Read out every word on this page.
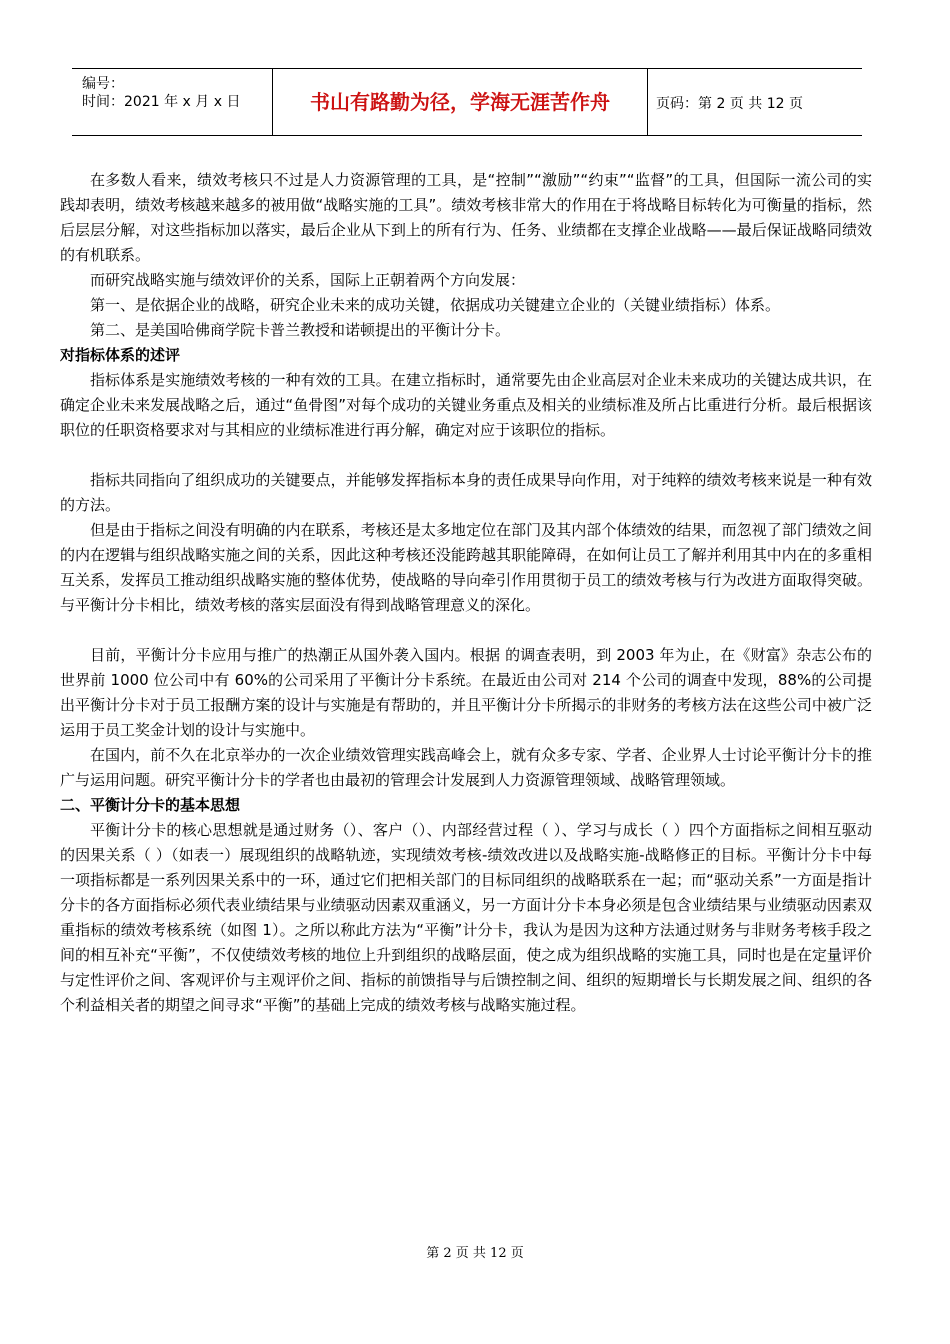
编号：
时间：2021 年 x 月 x 日	书山有路勤为径，学海无涯苦作舟	页码：第 2 页 共 12 页

在多数人看来，绩效考核只不过是人力资源管理的工具，是“控制”“激励”“约束”“监督”的工具，但国际一流公司的实践却表明，绩效考核越来越多的被用做“战略实施的工具”。绩效考核非常大的作用在于将战略目标转化为可衡量的指标，然后层层分解，对这些指标加以落实，最后企业从下到上的所有行为、任务、业绩都在支撑企业战略——最后保证战略同绩效的有机联系。

而研究战略实施与绩效评价的关系，国际上正朝着两个方向发展：

第一、是依据企业的战略，研究企业未来的成功关键，依据成功关键建立企业的（关键业绩指标）体系。

第二、是美国哈佛商学院卡普兰教授和诺顿提出的平衡计分卡。

对指标体系的述评

指标体系是实施绩效考核的一种有效的工具。在建立指标时，通常要先由企业高层对企业未来成功的关键达成共识，在确定企业未来发展战略之后，通过“鱼骨图”对每个成功的关键业务重点及相关的业绩标准及所占比重进行分析。最后根据该职位的任职资格要求对与其相应的业绩标准进行再分解，确定对应于该职位的指标。

指标共同指向了组织成功的关键要点，并能够发挥指标本身的责任成果导向作用，对于纯粹的绩效考核来说是一种有效的方法。

但是由于指标之间没有明确的内在联系，考核还是太多地定位在部门及其内部个体绩效的结果，而忽视了部门绩效之间的内在逻辑与组织战略实施之间的关系，因此这种考核还没能跨越其职能障碍，在如何让员工了解并利用其中内在的多重相互关系，发挥员工推动组织战略实施的整体优势，使战略的导向牵引作用贯彻于员工的绩效考核与行为改进方面取得突破。与平衡计分卡相比，绩效考核的落实层面没有得到战略管理意义的深化。

目前，平衡计分卡应用与推广的热潮正从国外袭入国内。根据 的调查表明，到 2003 年为止，在《财富》杂志公布的世界前 1000 位公司中有 60%的公司采用了平衡计分卡系统。在最近由公司对 214 个公司的调查中发现，88%的公司提出平衡计分卡对于员工报酬方案的设计与实施是有帮助的，并且平衡计分卡所揭示的非财务的考核方法在这些公司中被广泛运用于员工奖金计划的设计与实施中。

在国内，前不久在北京举办的一次企业绩效管理实践高峰会上，就有众多专家、学者、企业界人士讨论平衡计分卡的推广与运用问题。研究平衡计分卡的学者也由最初的管理会计发展到人力资源管理领域、战略管理领域。

二、平衡计分卡的基本思想

平衡计分卡的核心思想就是通过财务（）、客户（）、内部经营过程（ ）、学习与成长（ ）四个方面指标之间相互驱动的因果关系（ ）（如表一）展现组织的战略轨迹，实现绩效考核-绩效改进以及战略实施-战略修正的目标。平衡计分卡中每一项指标都是一系列因果关系中的一环，通过它们把相关部门的目标同组织的战略联系在一起；而“驱动关系”一方面是指计分卡的各方面指标必须代表业绩结果与业绩驱动因素双重涵义，另一方面计分卡本身必须是包含业绩结果与业绩驱动因素双重指标的绩效考核系统（如图 1）。之所以称此方法为“平衡”计分卡，我认为是因为这种方法通过财务与非财务考核手段之间的相互补充“平衡”，不仅使绩效考核的地位上升到组织的战略层面，使之成为组织战略的实施工具，同时也是在定量评价与定性评价之间、客观评价与主观评价之间、指标的前馈指导与后馈控制之间、组织的短期增长与长期发展之间、组织的各个利益相关者的期望之间寻求“平衡”的基础上完成的绩效考核与战略实施过程。

第 2 页 共 12 页
